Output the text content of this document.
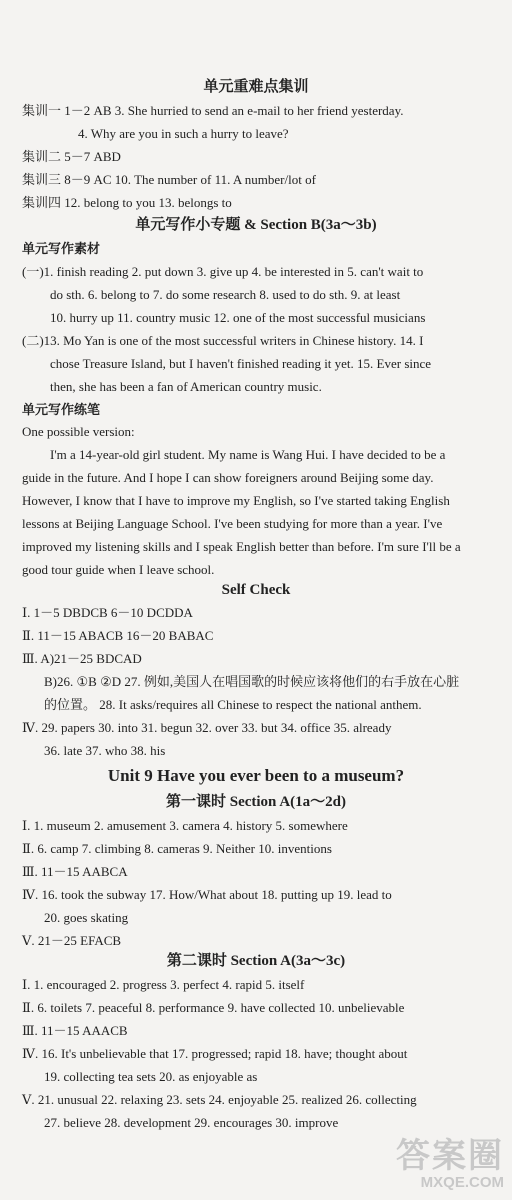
单元重难点集训
集训一 1－2 AB 3. She hurried to send an e-mail to her friend yesterday.
4. Why are you in such a hurry to leave?
集训二 5－7 ABD
集训三 8－9 AC 10. The number of 11. A number/lot of
集训四 12. belong to you 13. belongs to
单元写作小专题 & Section B(3a～3b)
单元写作素材
(一)1. finish reading 2. put down 3. give up 4. be interested in 5. can't wait to
do sth. 6. belong to 7. do some research 8. used to do sth. 9. at least
10. hurry up 11. country music 12. one of the most successful musicians
(二)13. Mo Yan is one of the most successful writers in Chinese history. 14. I
chose Treasure Island, but I haven't finished reading it yet. 15. Ever since
then, she has been a fan of American country music.
单元写作练笔
One possible version:
I'm a 14-year-old girl student. My name is Wang Hui. I have decided to be a
guide in the future. And I hope I can show foreigners around Beijing some day.
However, I know that I have to improve my English, so I've started taking English
lessons at Beijing Language School. I've been studying for more than a year. I've
improved my listening skills and I speak English better than before. I'm sure I'll be a
good tour guide when I leave school.
Self Check
Ⅰ. 1－5 DBDCB 6－10 DCDDA
Ⅱ. 11－15 ABACB 16－20 BABAC
Ⅲ. A)21－25 BDCAD
B)26. ①B ②D 27. 例如,美国人在唱国歌的时候应该将他们的右手放在心脏
的位置。 28. It asks/requires all Chinese to respect the national anthem.
Ⅳ. 29. papers 30. into 31. begun 32. over 33. but 34. office 35. already
36. late 37. who 38. his
Unit 9 Have you ever been to a museum?
第一课时 Section A(1a～2d)
Ⅰ. 1. museum 2. amusement 3. camera 4. history 5. somewhere
Ⅱ. 6. camp 7. climbing 8. cameras 9. Neither 10. inventions
Ⅲ. 11－15 AABCA
Ⅳ. 16. took the subway 17. How/What about 18. putting up 19. lead to
20. goes skating
Ⅴ. 21－25 EFACB
第二课时 Section A(3a～3c)
Ⅰ. 1. encouraged 2. progress 3. perfect 4. rapid 5. itself
Ⅱ. 6. toilets 7. peaceful 8. performance 9. have collected 10. unbelievable
Ⅲ. 11－15 AAACB
Ⅳ. 16. It's unbelievable that 17. progressed; rapid 18. have; thought about
19. collecting tea sets 20. as enjoyable as
Ⅴ. 21. unusual 22. relaxing 23. sets 24. enjoyable 25. realized 26. collecting
27. believe 28. development 29. encourages 30. improve
答案圈
MXQE.COM
